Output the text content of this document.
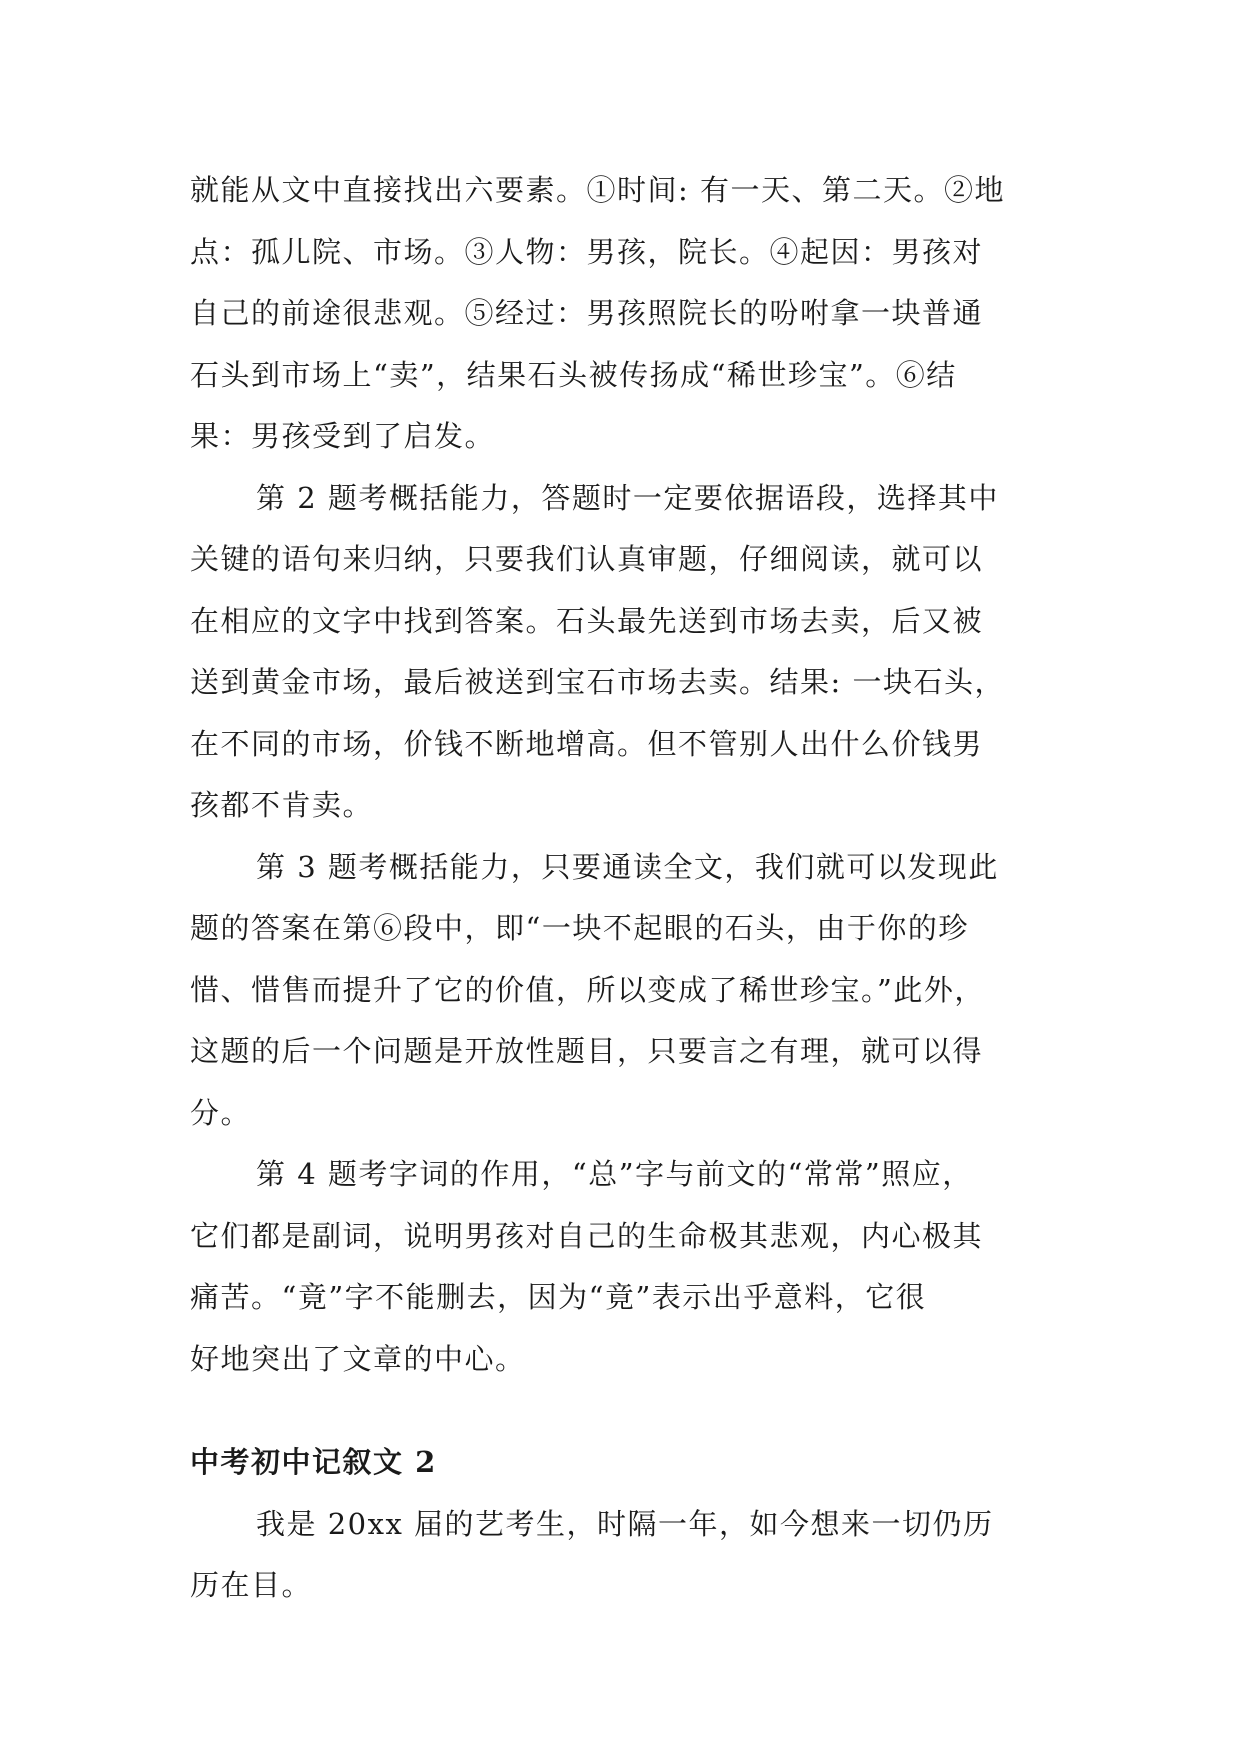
就能从文中直接找出六要素。①时间: 有一天、第二天。②地
点：孤儿院、市场。③人物：男孩，院长。④起因：男孩对
自己的前途很悲观。⑤经过：男孩照院长的吩咐拿一块普通
石头到市场上“卖”，结果石头被传扬成“稀世珍宝”。⑥结
果：男孩受到了启发。

第 2 题考概括能力，答题时一定要依据语段，选择其中
关键的语句来归纳，只要我们认真审题，仔细阅读，就可以
在相应的文字中找到答案。石头最先送到市场去卖，后又被
送到黄金市场，最后被送到宝石市场去卖。结果: 一块石头，
在不同的市场，价钱不断地增高。但不管别人出什么价钱男
孩都不肯卖。

第 3 题考概括能力，只要通读全文，我们就可以发现此
题的答案在第⑥段中，即“一块不起眼的石头，由于你的珍
惜、惜售而提升了它的价值，所以变成了稀世珍宝。”此外，
这题的后一个问题是开放性题目，只要言之有理，就可以得
分。

第 4 题考字词的作用，“总”字与前文的“常常”照应，
它们都是副词，说明男孩对自己的生命极其悲观，内心极其
痛苦。“竟”字不能删去，因为“竟”表示出乎意料，它很
好地突出了文章的中心。

中考初中记叙文 2

我是 20xx 届的艺考生，时隔一年，如今想来一切仍历
历在目。
